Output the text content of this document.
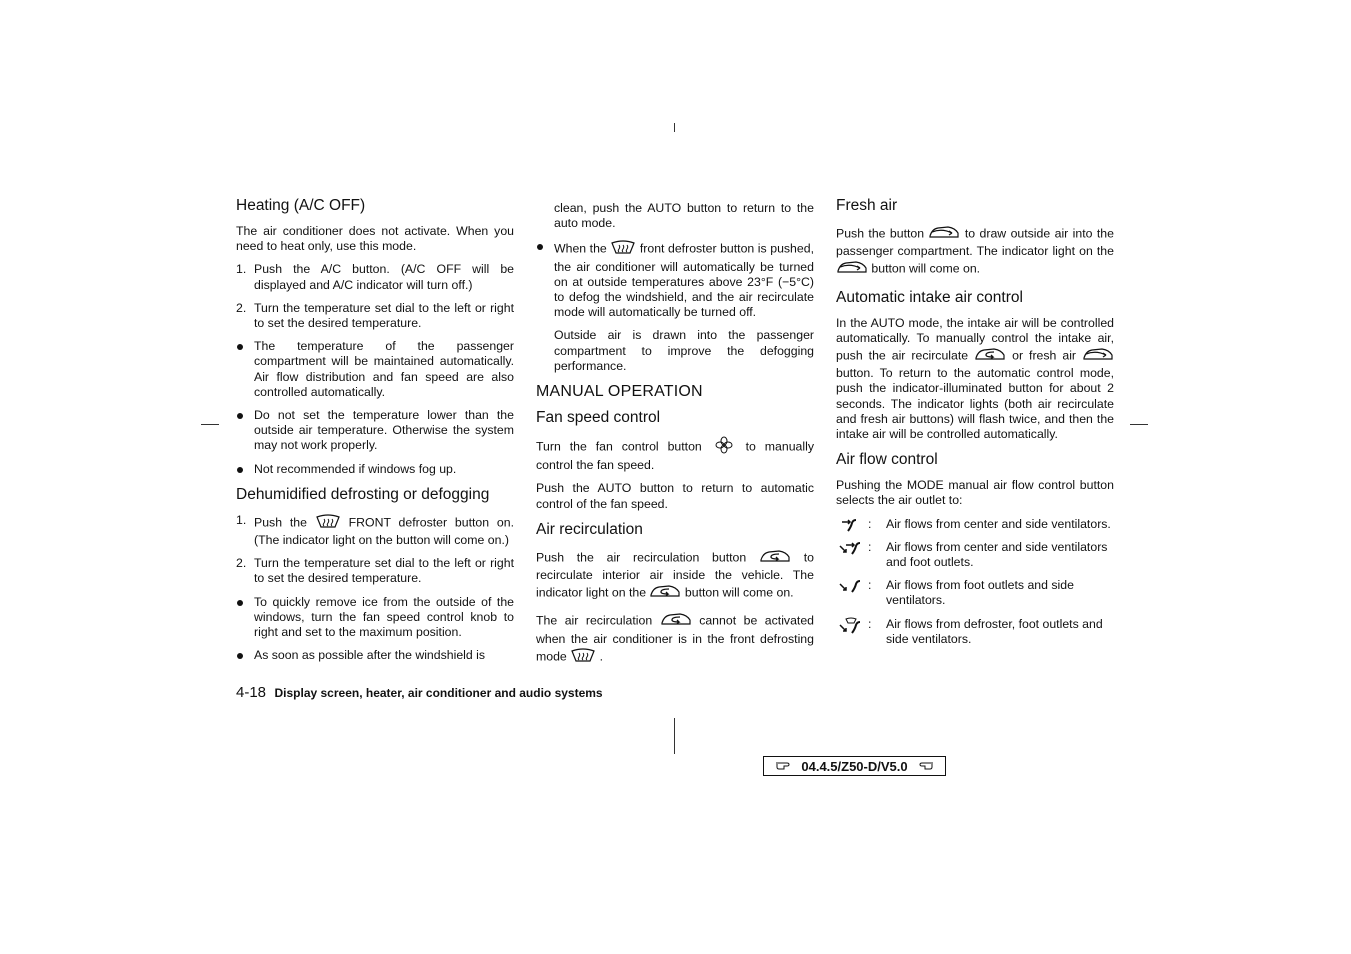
Heating (A/C OFF)

The air conditioner does not activate. When you need to heat only, use this mode.

1. Push the A/C button. (A/C OFF will be displayed and A/C indicator will turn off.)
2. Turn the temperature set dial to the left or right to set the desired temperature.
The temperature of the passenger compartment will be maintained automatically. Air flow distribution and fan speed are also controlled automatically.
Do not set the temperature lower than the outside air temperature. Otherwise the system may not work properly.
Not recommended if windows fog up.
Dehumidified defrosting or defogging
1. Push the	FRONT defroster button on. (The indicator light on the button will come on.)
2. Turn the temperature set dial to the left or right to set the desired temperature.
To quickly remove ice from the outside of the windows, turn the fan speed control knob to right and set to the maximum position.
As soon as possible after the windshield is
clean, push the AUTO button to return to the auto mode.
When the	front defroster button is pushed, the air conditioner will automatically be turned on at outside temperatures above 23°F (−5°C) to defog the windshield, and the air recirculate mode will automatically be turned off.
Outside air is drawn into the passenger compartment to improve the defogging performance.
MANUAL OPERATION
Fan speed control

Turn the fan control button	to manually control the fan speed.

Push the AUTO button to return to automatic control of the fan speed.

Air recirculation

Push the air recirculation button	to recirculate interior air inside the vehicle. The indicator light on the	button will come on.

The air recirculation	cannot be activated when the air conditioner is in the front defrosting mode	.

Fresh air

Push the button	to draw outside air into the passenger compartment. The indicator light on the  button will come on.

Automatic intake air control

In the AUTO mode, the intake air will be controlled automatically. To manually control the intake air, push the air recirculate	or fresh air  button. To return to the automatic control mode, push the indicator-illuminated button for about 2 seconds. The indicator lights (both air recirculate and fresh air buttons) will flash twice, and then the intake air will be controlled automatically.

Air flow control

Pushing the MODE manual air flow control button selects the air outlet to:

: Air flows from center and side ventilators.
: Air flows from center and side ventilators and foot outlets.
: Air flows from foot outlets and side ventilators.
: Air flows from defroster, foot outlets and side ventilators.
4-18 Display screen, heater, air conditioner and audio systems
04.4.5/Z50-D/V5.0
